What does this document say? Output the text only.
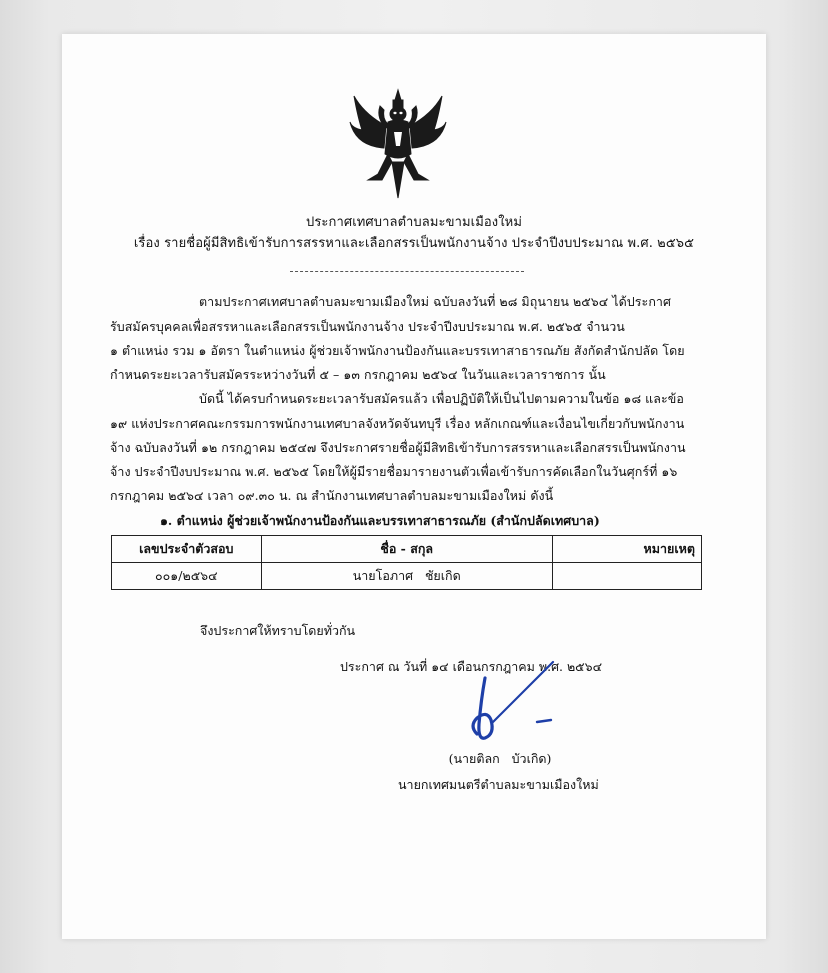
ประกาศเทศบาลตำบลมะขามเมืองใหม่
เรื่อง รายชื่อผู้มีสิทธิเข้ารับการสรรหาและเลือกสรรเป็นพนักงานจ้าง ประจำปีงบประมาณ พ.ศ. ๒๕๖๕
ตามประกาศเทศบาลตำบลมะขามเมืองใหม่ ฉบับลงวันที่ ๒๘ มิถุนายน ๒๕๖๔ ได้ประกาศ
รับสมัครบุคคลเพื่อสรรหาและเลือกสรรเป็นพนักงานจ้าง ประจำปีงบประมาณ พ.ศ. ๒๕๖๕ จำนวน
๑ ตำแหน่ง รวม ๑ อัตรา ในตำแหน่ง ผู้ช่วยเจ้าพนักงานป้องกันและบรรเทาสาธารณภัย สังกัดสำนักปลัด โดย
กำหนดระยะเวลารับสมัครระหว่างวันที่ ๕ – ๑๓ กรกฎาคม ๒๕๖๔ ในวันและเวลาราชการ นั้น
บัดนี้ ได้ครบกำหนดระยะเวลารับสมัครแล้ว เพื่อปฏิบัติให้เป็นไปตามความในข้อ ๑๘ และข้อ
๑๙ แห่งประกาศคณะกรรมการพนักงานเทศบาลจังหวัดจันทบุรี เรื่อง หลักเกณฑ์และเงื่อนไขเกี่ยวกับพนักงาน
จ้าง ฉบับลงวันที่ ๑๒ กรกฎาคม ๒๕๔๗ จึงประกาศรายชื่อผู้มีสิทธิเข้ารับการสรรหาและเลือกสรรเป็นพนักงาน
จ้าง ประจำปีงบประมาณ พ.ศ. ๒๕๖๕ โดยให้ผู้มีรายชื่อมารายงานตัวเพื่อเข้ารับการคัดเลือกในวันศุกร์ที่ ๑๖
กรกฎาคม ๒๕๖๔ เวลา ๐๙.๓๐ น. ณ สำนักงานเทศบาลตำบลมะขามเมืองใหม่ ดังนี้
๑. ตำแหน่ง ผู้ช่วยเจ้าพนักงานป้องกันและบรรเทาสาธารณภัย (สำนักปลัดเทศบาล)
เลขประจำตัวสอบ	ชื่อ - สกุล	หมายเหตุ
๐๐๑/๒๕๖๔	นายโอภาศ   ชัยเกิด	
จึงประกาศให้ทราบโดยทั่วกัน
ประกาศ ณ วันที่ ๑๔ เดือนกรกฎาคม พ.ศ. ๒๕๖๔
(นายติลก   บัวเกิด)
นายกเทศมนตรีตำบลมะขามเมืองใหม่
